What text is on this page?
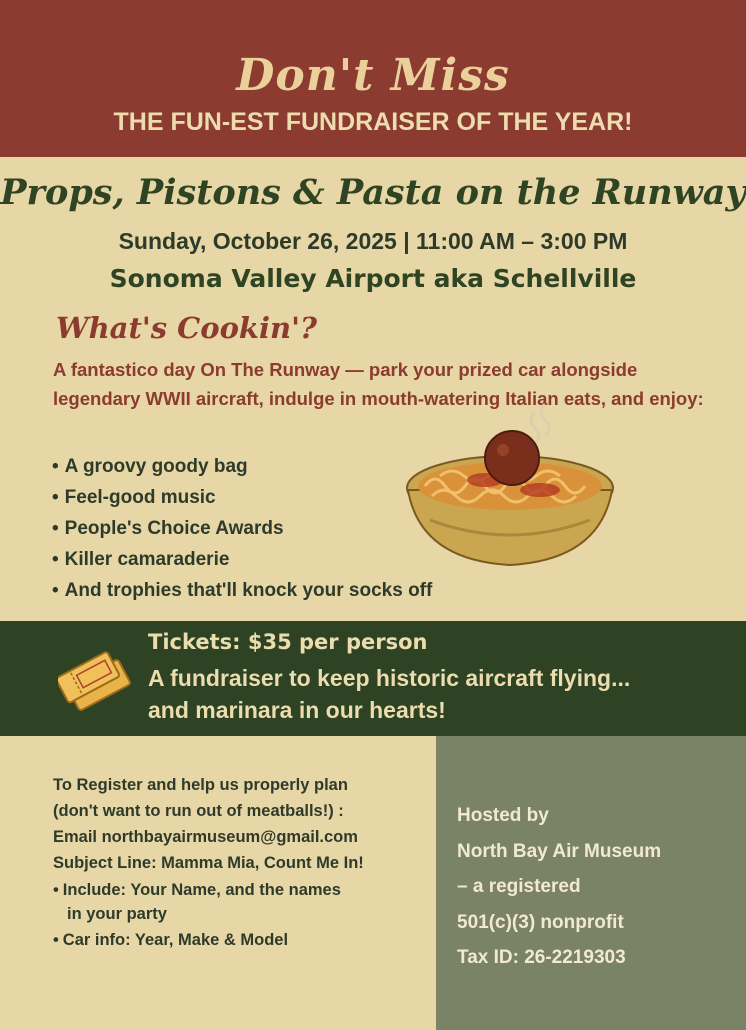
Don't Miss
THE FUN-EST FUNDRAISER OF THE YEAR!
Props, Pistons & Pasta on the Runway
Sunday, October 26, 2025 | 11:00 AM – 3:00 PM
Sonoma Valley Airport aka Schellville
What's Cookin'?
A fantastico day On The Runway — park your prized car alongside legendary WWII aircraft, indulge in mouth-watering Italian eats, and enjoy:
• A groovy goody bag
• Feel-good music
• People's Choice Awards
• Killer camaraderie
• And trophies that'll knock your socks off
Tickets: $35 per person
A fundraiser to keep historic aircraft flying...
and marinara in our hearts!
To Register and help us properly plan
(don't want to run out of meatballs!) :
Email northbayairmuseum@gmail.com
Subject Line: Mamma Mia, Count Me In!
• Include: Your Name, and the names
in your party
• Car info: Year, Make & Model
Hosted by
North Bay Air Museum
– a registered
501(c)(3) nonprofit
Tax ID: 26-2219303
